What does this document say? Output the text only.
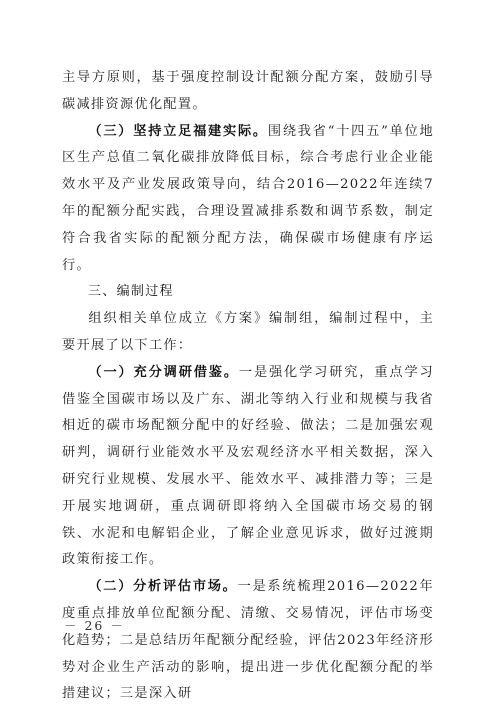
主导方原则，基于强度控制设计配额分配方案，鼓励引导碳减排资源优化配置。

（三）坚持立足福建实际。围绕我省“十四五”单位地区生产总值二氧化碳排放降低目标，综合考虑行业企业能效水平及产业发展政策导向，结合2016—2022年连续7年的配额分配实践，合理设置减排系数和调节系数，制定符合我省实际的配额分配方法，确保碳市场健康有序运行。

三、编制过程

组织相关单位成立《方案》编制组，编制过程中，主要开展了以下工作：

（一）充分调研借鉴。一是强化学习研究，重点学习借鉴全国碳市场以及广东、湖北等纳入行业和规模与我省相近的碳市场配额分配中的好经验、做法；二是加强宏观研判，调研行业能效水平及宏观经济水平相关数据，深入研究行业规模、发展水平、能效水平、减排潜力等；三是开展实地调研，重点调研即将纳入全国碳市场交易的钢铁、水泥和电解铝企业，了解企业意见诉求，做好过渡期政策衔接工作。

（二）分析评估市场。一是系统梳理2016—2022年度重点排放单位配额分配、清缴、交易情况，评估市场变化趋势；二是总结历年配额分配经验，评估2023年经济形势对企业生产活动的影响，提出进一步优化配额分配的举措建议；三是深入研

－ 26 －
